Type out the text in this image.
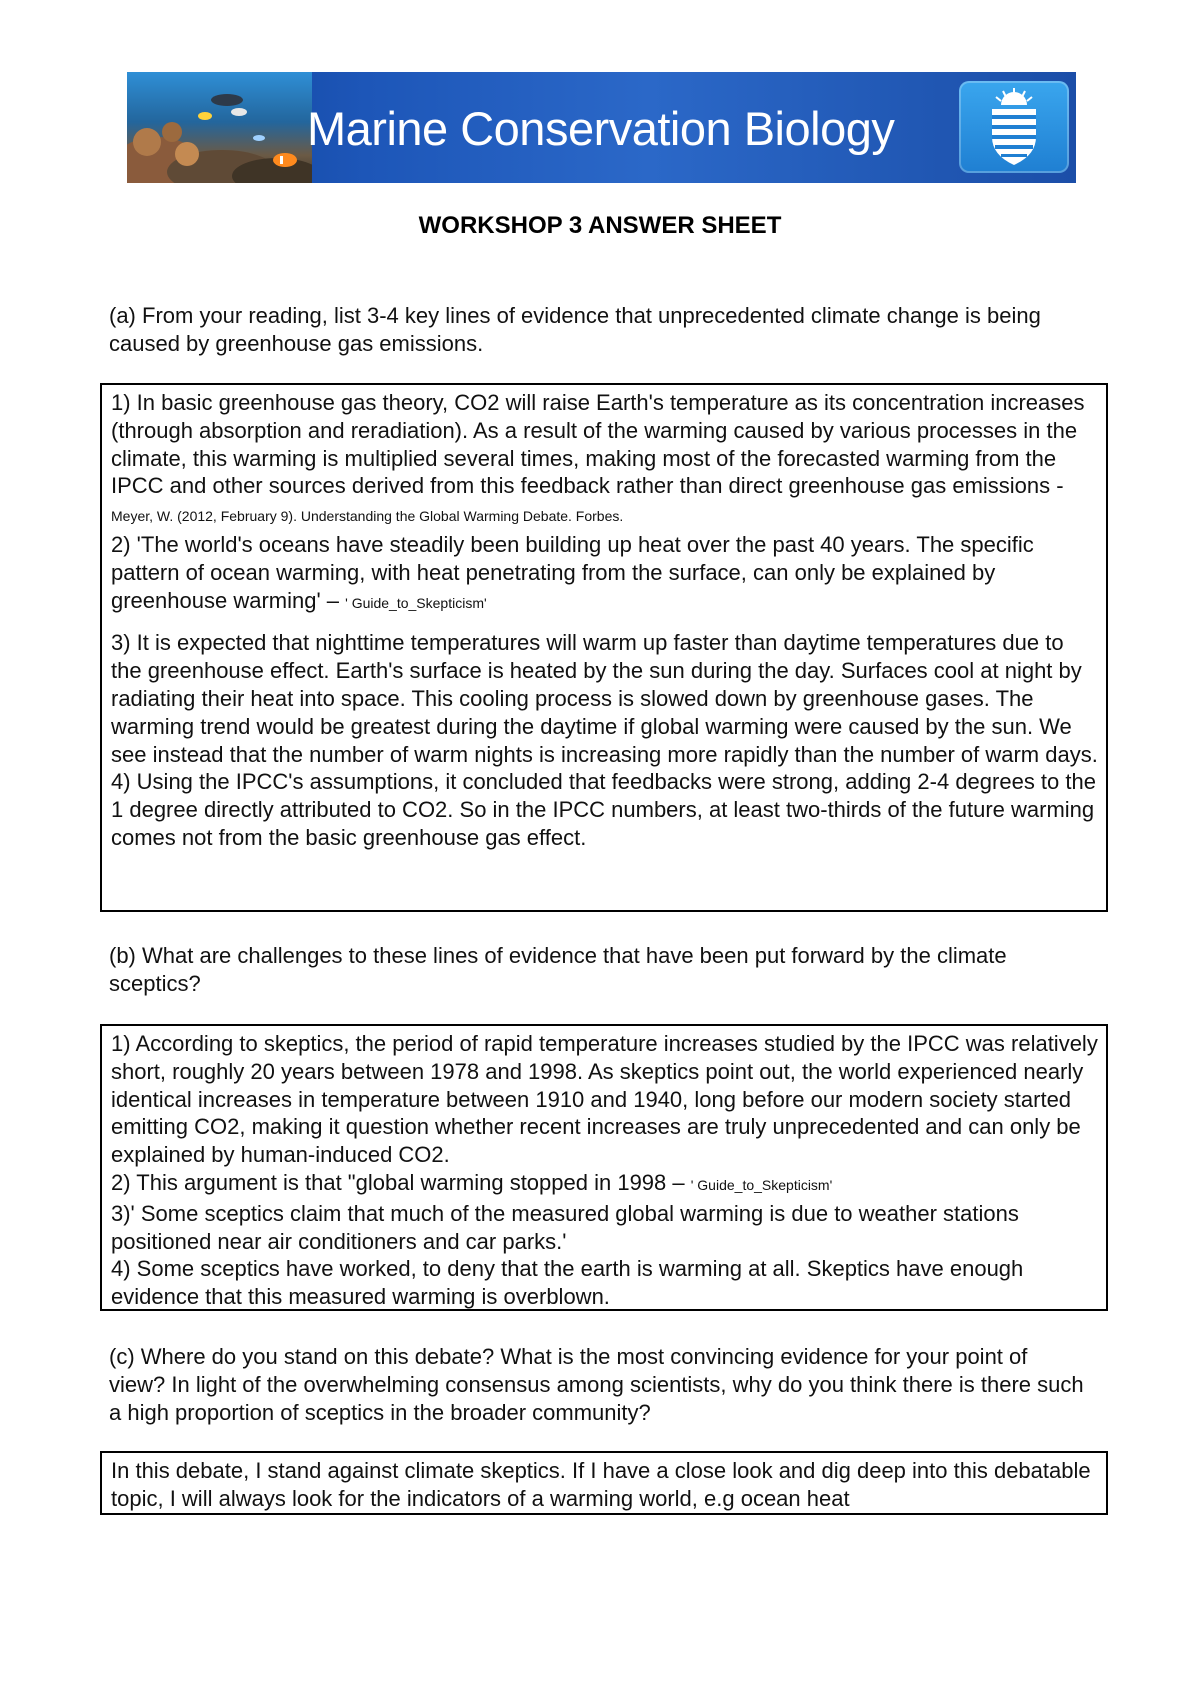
Marine Conservation Biology
WORKSHOP 3 ANSWER SHEET
(a) From your reading, list 3-4 key lines of evidence that unprecedented climate change is being caused by greenhouse gas emissions.

1) In basic greenhouse gas theory, CO2 will raise Earth's temperature as its concentration increases (through absorption and reradiation). As a result of the warming caused by various processes in the climate, this warming is multiplied several times, making most of the forecasted warming from the IPCC and other sources derived from this feedback rather than direct greenhouse gas emissions - Meyer, W. (2012, February 9). Understanding the Global Warming Debate. Forbes.

2) 'The world's oceans have steadily been building up heat over the past 40 years. The specific pattern of ocean warming, with heat penetrating from the surface, can only be explained by greenhouse warming' – ' Guide_to_Skepticism'

3) It is expected that nighttime temperatures will warm up faster than daytime temperatures due to the greenhouse effect. Earth's surface is heated by the sun during the day. Surfaces cool at night by radiating their heat into space. This cooling process is slowed down by greenhouse gases. The warming trend would be greatest during the daytime if global warming were caused by the sun. We see instead that the number of warm nights is increasing more rapidly than the number of warm days.

4) Using the IPCC's assumptions, it concluded that feedbacks were strong, adding 2-4 degrees to the 1 degree directly attributed to CO2. So in the IPCC numbers, at least two-thirds of the future warming comes not from the basic greenhouse gas effect.

(b) What are challenges to these lines of evidence that have been put forward by the climate sceptics?

1) According to skeptics, the period of rapid temperature increases studied by the IPCC was relatively short, roughly 20 years between 1978 and 1998. As skeptics point out, the world experienced nearly identical increases in temperature between 1910 and 1940, long before our modern society started emitting CO2, making it question whether recent increases are truly unprecedented and can only be explained by human-induced CO2.

2) This argument is that "global warming stopped in 1998 – ' Guide_to_Skepticism'

3)' Some sceptics claim that much of the measured global warming is due to weather stations positioned near air conditioners and car parks.'

4) Some sceptics have worked, to deny that the earth is warming at all. Skeptics have enough evidence that this measured warming is overblown.

(c) Where do you stand on this debate? What is the most convincing evidence for your point of view? In light of the overwhelming consensus among scientists, why do you think there is there such a high proportion of sceptics in the broader community?

In this debate, I stand against climate skeptics. If I have a close look and dig deep into this debatable topic, I will always look for the indicators of a warming world, e.g ocean heat
